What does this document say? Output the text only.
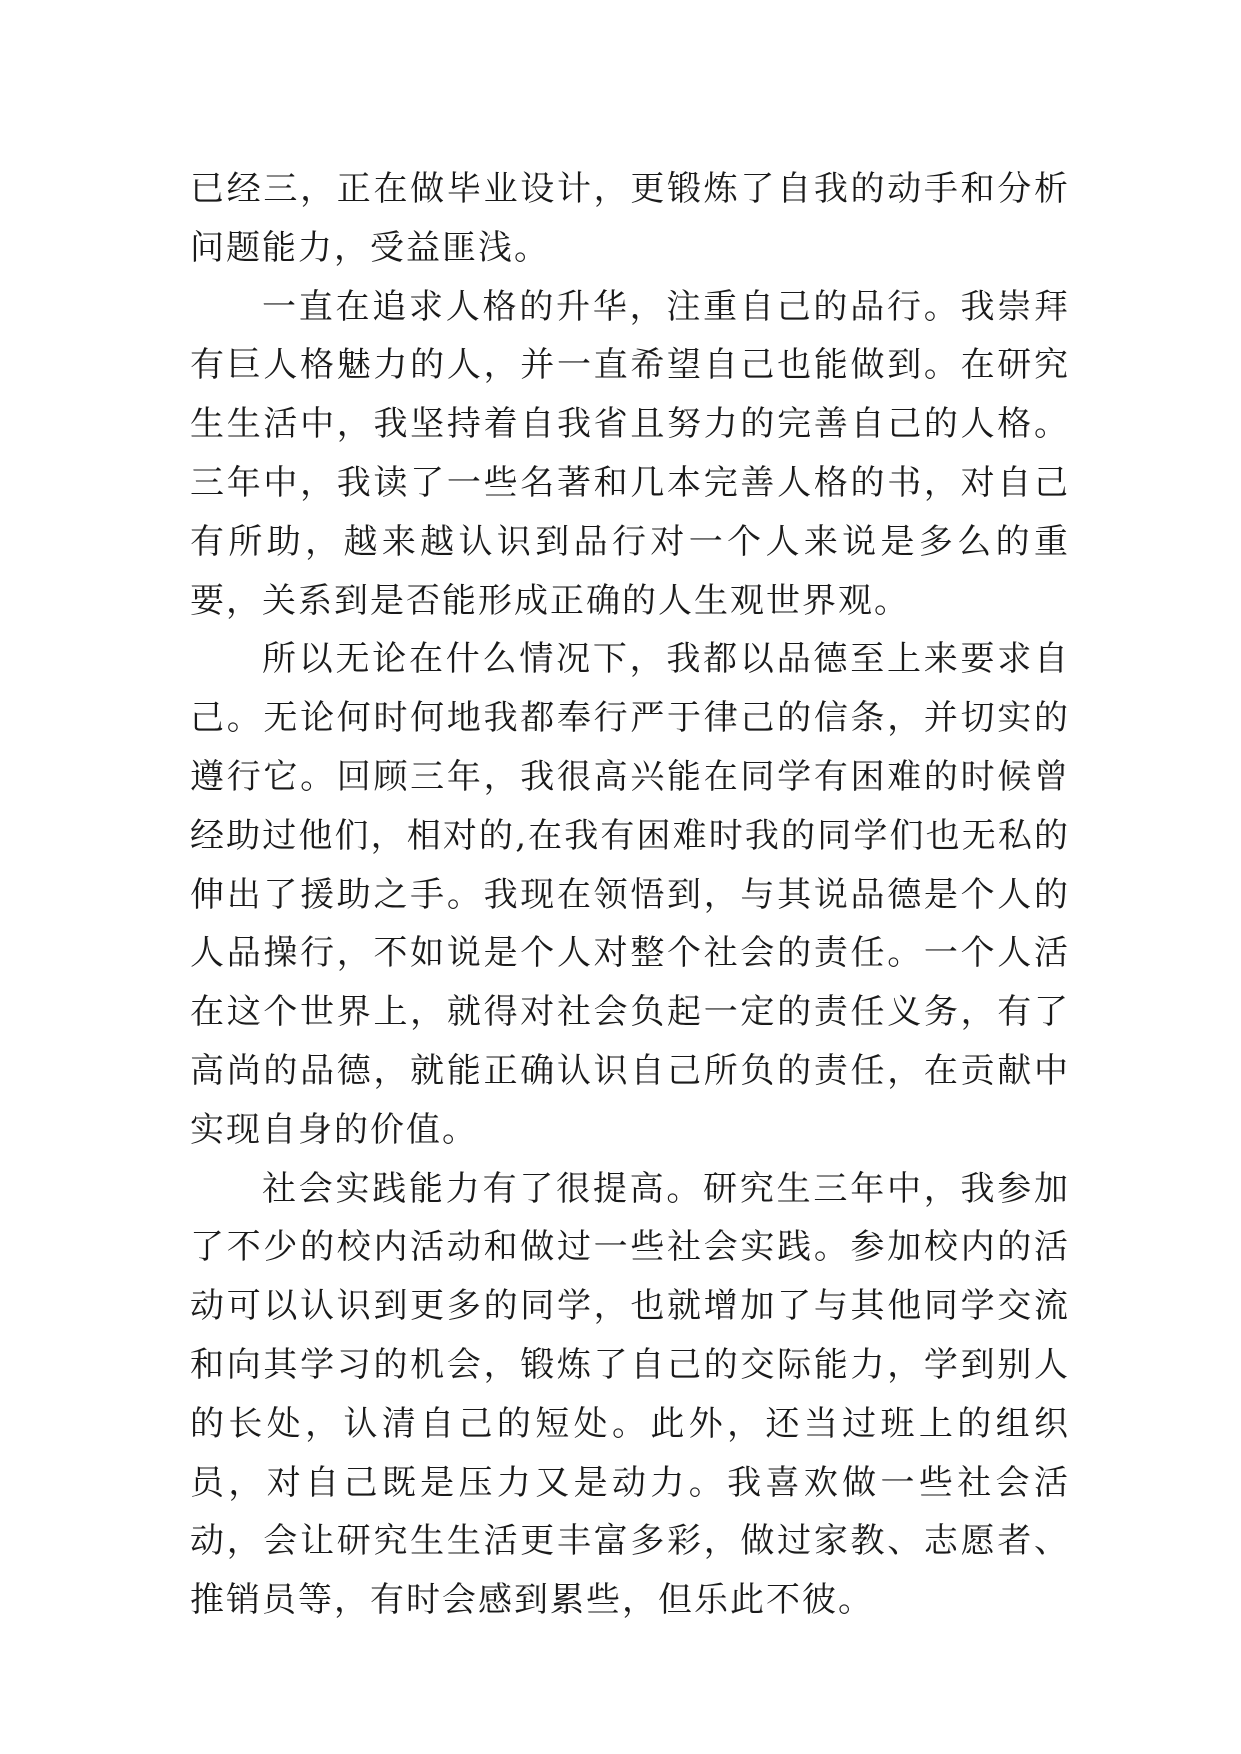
已经三，正在做毕业设计，更锻炼了自我的动手和分析问题能力，受益匪浅。

一直在追求人格的升华，注重自己的品行。我崇拜有巨人格魅力的人，并一直希望自己也能做到。在研究生生活中，我坚持着自我省且努力的完善自己的人格。三年中，我读了一些名著和几本完善人格的书，对自己有所助，越来越认识到品行对一个人来说是多么的重要，关系到是否能形成正确的人生观世界观。

所以无论在什么情况下，我都以品德至上来要求自己。无论何时何地我都奉行严于律己的信条，并切实的遵行它。回顾三年，我很高兴能在同学有困难的时候曾经助过他们，相对的,在我有困难时我的同学们也无私的伸出了援助之手。我现在领悟到，与其说品德是个人的人品操行，不如说是个人对整个社会的责任。一个人活在这个世界上，就得对社会负起一定的责任义务，有了高尚的品德，就能正确认识自己所负的责任，在贡献中实现自身的价值。

社会实践能力有了很提高。研究生三年中，我参加了不少的校内活动和做过一些社会实践。参加校内的活动可以认识到更多的同学，也就增加了与其他同学交流和向其学习的机会，锻炼了自己的交际能力，学到别人的长处，认清自己的短处。此外，还当过班上的组织员，对自己既是压力又是动力。我喜欢做一些社会活动，会让研究生生活更丰富多彩，做过家教、志愿者、推销员等，有时会感到累些，但乐此不彼。
